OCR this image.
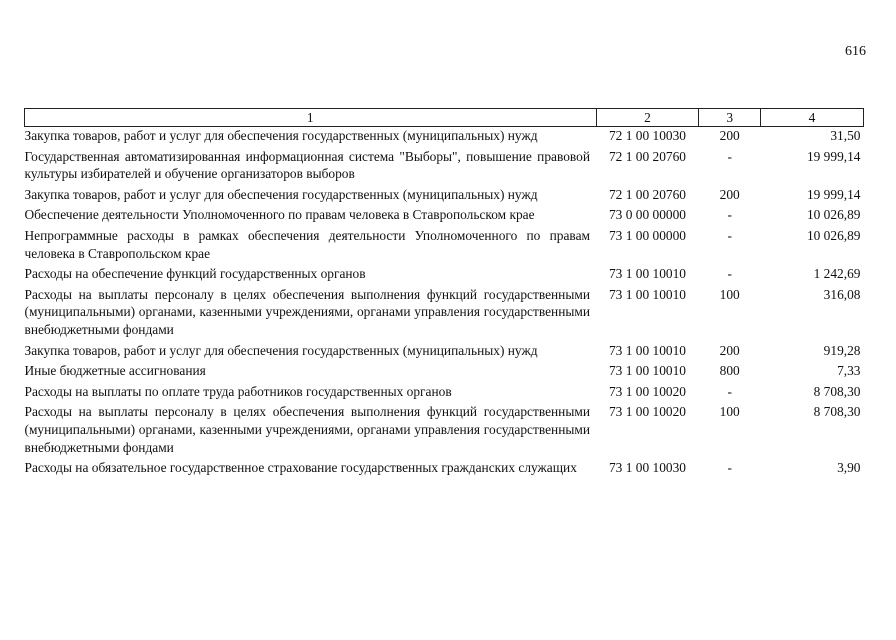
616
1	2	3	4
Закупка товаров, работ и услуг для обеспечения государственных (муниципальных) нужд	72 1 00 10030	200	31,50
Государственная автоматизированная информационная система "Выборы", повышение правовой культуры избирателей и обучение организаторов выборов	72 1 00 20760	-	19 999,14
Закупка товаров, работ и услуг для обеспечения государственных (муниципальных) нужд	72 1 00 20760	200	19 999,14
Обеспечение деятельности Уполномоченного по правам человека в Ставропольском крае	73 0 00 00000	-	10 026,89
Непрограммные расходы в рамках обеспечения деятельности Уполномоченного по правам человека в Ставропольском крае	73 1 00 00000	-	10 026,89
Расходы на обеспечение функций государственных органов	73 1 00 10010	-	1 242,69
Расходы на выплаты персоналу в целях обеспечения выполнения функций государственными (муниципальными) органами, казенными учреждениями, органами управления государственными внебюджетными фондами	73 1 00 10010	100	316,08
Закупка товаров, работ и услуг для обеспечения государственных (муниципальных) нужд	73 1 00 10010	200	919,28
Иные бюджетные ассигнования	73 1 00 10010	800	7,33
Расходы на выплаты по оплате труда работников государственных органов	73 1 00 10020	-	8 708,30
Расходы на выплаты персоналу в целях обеспечения выполнения функций государственными (муниципальными) органами, казенными учреждениями, органами управления государственными внебюджетными фондами	73 1 00 10020	100	8 708,30
Расходы на обязательное государственное страхование государственных гражданских служащих	73 1 00 10030	-	3,90
